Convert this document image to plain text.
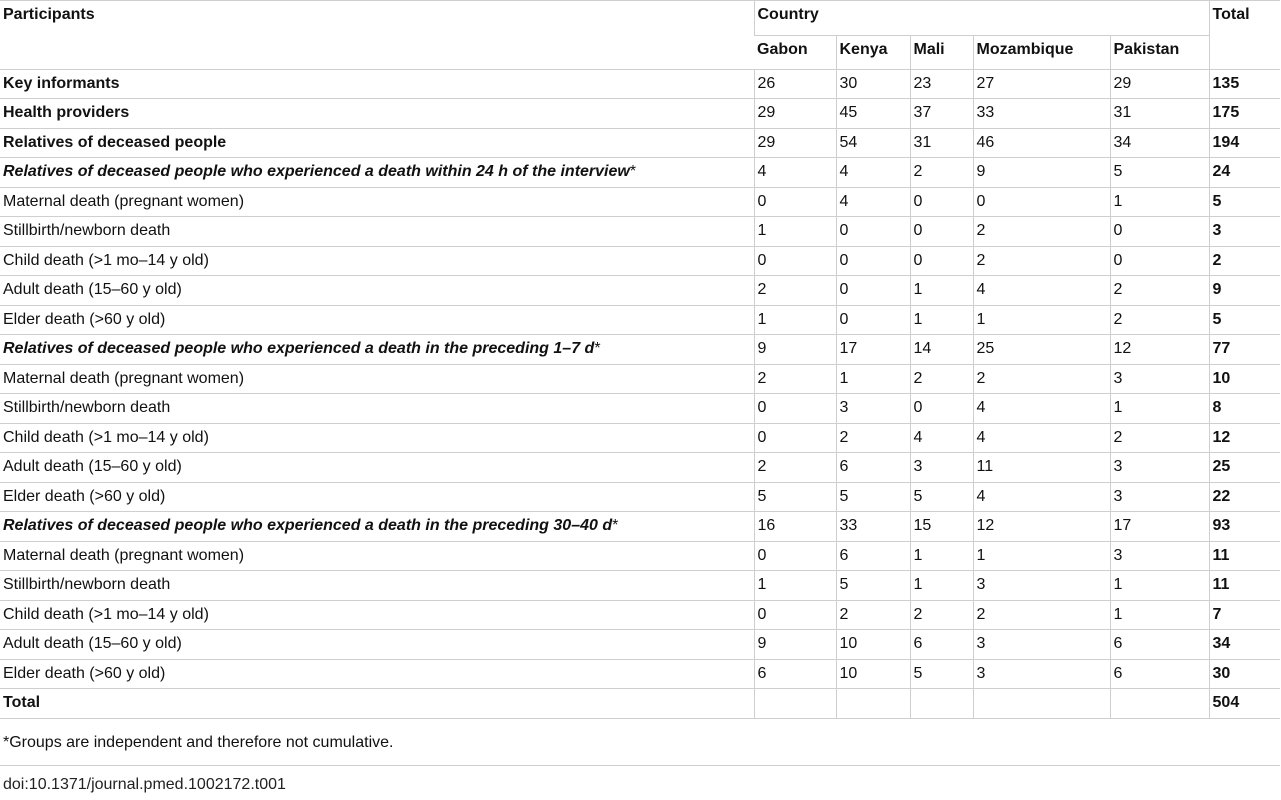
Participants	Country					Total
	Gabon	Kenya	Mali	Mozambique	Pakistan	
Key informants	26	30	23	27	29	135
Health providers	29	45	37	33	31	175
Relatives of deceased people	29	54	31	46	34	194
Relatives of deceased people who experienced a death within 24 h of the interview*	4	4	2	9	5	24
Maternal death (pregnant women)	0	4	0	0	1	5
Stillbirth/newborn death	1	0	0	2	0	3
Child death (>1 mo–14 y old)	0	0	0	2	0	2
Adult death (15–60 y old)	2	0	1	4	2	9
Elder death (>60 y old)	1	0	1	1	2	5
Relatives of deceased people who experienced a death in the preceding 1–7 d*	9	17	14	25	12	77
Maternal death (pregnant women)	2	1	2	2	3	10
Stillbirth/newborn death	0	3	0	4	1	8
Child death (>1 mo–14 y old)	0	2	4	4	2	12
Adult death (15–60 y old)	2	6	3	11	3	25
Elder death (>60 y old)	5	5	5	4	3	22
Relatives of deceased people who experienced a death in the preceding 30–40 d*	16	33	15	12	17	93
Maternal death (pregnant women)	0	6	1	1	3	11
Stillbirth/newborn death	1	5	1	3	1	11
Child death (>1 mo–14 y old)	0	2	2	2	1	7
Adult death (15–60 y old)	9	10	6	3	6	34
Elder death (>60 y old)	6	10	5	3	6	30
Total						504
*Groups are independent and therefore not cumulative.
doi:10.1371/journal.pmed.1002172.t001
